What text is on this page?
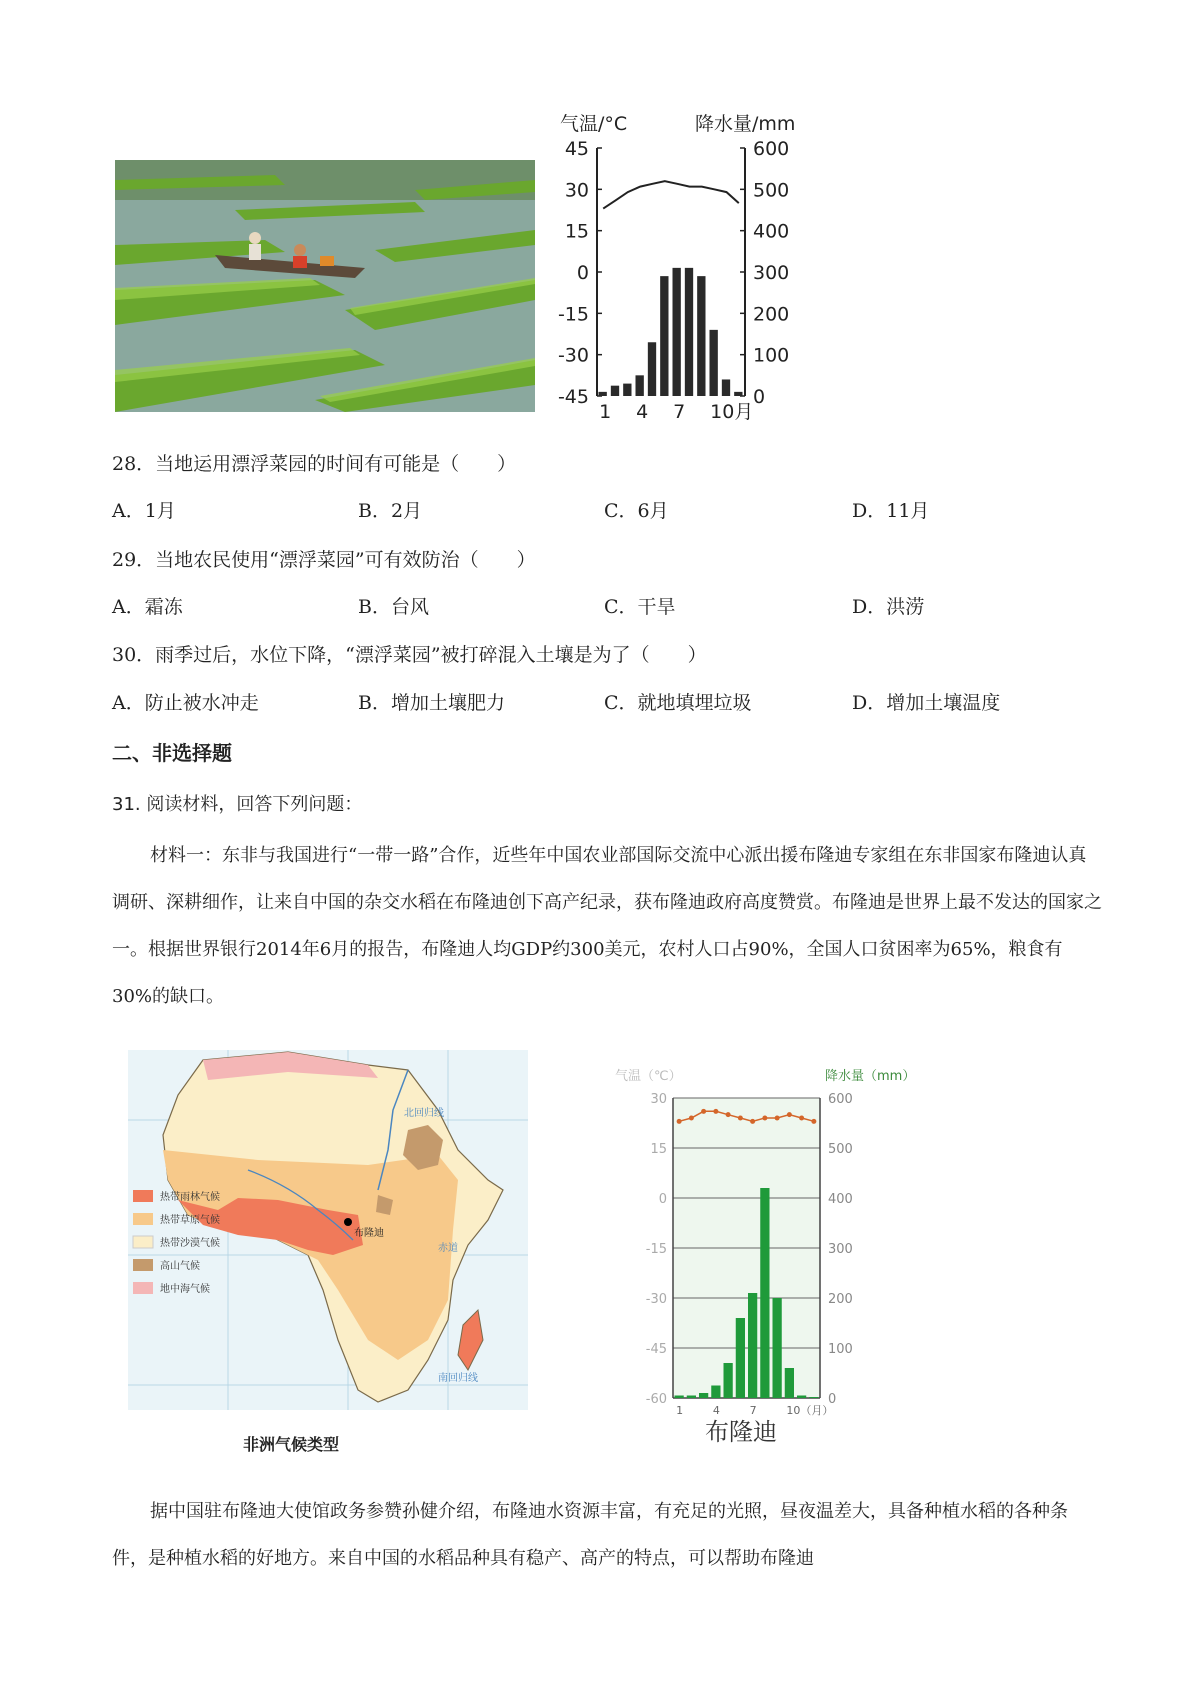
气温/°C	降水量/mm
45
30
15
0
-15
-30
-45
600
500
400
300
200
100
0
1 4 7 10月
28．当地运用漂浮菜园的时间有可能是（　　）
A．1月	B．2月	C．6月	D．11月
29．当地农民使用“漂浮菜园”可有效防治（　　）
A．霜冻	B．台风	C．干旱	D．洪涝
30．雨季过后，水位下降，“漂浮菜园”被打碎混入土壤是为了（　　）
A．防止被水冲走	B．增加土壤肥力	C．就地填埋垃圾	D．增加土壤温度
二、非选择题
31. 阅读材料，回答下列问题：
材料一：东非与我国进行“一带一路”合作，近些年中国农业部国际交流中心派出援布隆迪专家组在东非国家布隆迪认真调研、深耕细作，让来自中国的杂交水稻在布隆迪创下高产纪录，获布隆迪政府高度赞赏。布隆迪是世界上最不发达的国家之一。根据世界银行2014年6月的报告，布隆迪人均GDP约300美元，农村人口占90%，全国人口贫困率为65%，粮食有30%的缺口。
布隆迪
北回归线
赤道
南回归线
热带雨林气候
热带草原气候
热带沙漠气候
高山气候
地中海气候
非洲气候类型
气温（℃）	降水量（mm）
30
15
0
-15
-30
-45
-60
600
500
400
300
200
100
0
1	4	7	10（月）
布隆迪
据中国驻布隆迪大使馆政务参赞孙健介绍，布隆迪水资源丰富，有充足的光照，昼夜温差大，具备种植水稻的各种条件，是种植水稻的好地方。来自中国的水稻品种具有稳产、高产的特点，可以帮助布隆迪
